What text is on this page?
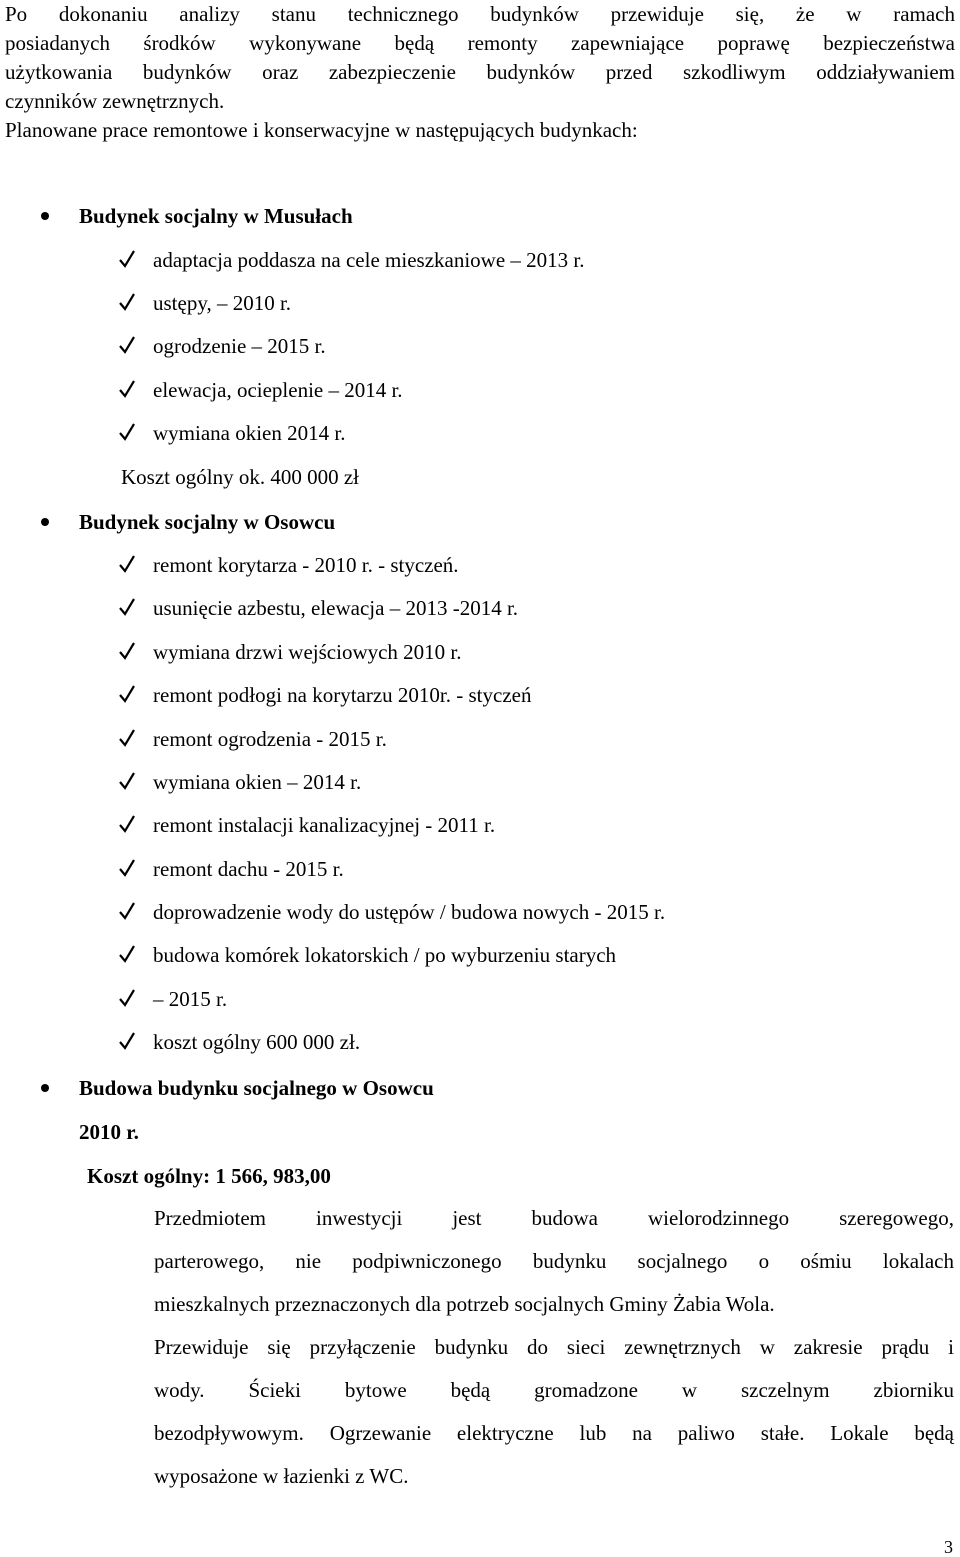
Po dokonaniu analizy stanu technicznego budynków przewiduje się, że w ramach
posiadanych środków wykonywane będą remonty zapewniające poprawę bezpieczeństwa
użytkowania budynków oraz zabezpieczenie budynków przed szkodliwym oddziaływaniem
czynników zewnętrznych.
Planowane prace remontowe i konserwacyjne w następujących budynkach:

Budynek socjalny w Musułach
adaptacja poddasza na cele mieszkaniowe – 2013 r.
ustępy, – 2010 r.
ogrodzenie – 2015 r.
elewacja, ocieplenie – 2014 r.
wymiana okien 2014 r.
Koszt ogólny ok. 400 000 zł
Budynek socjalny w Osowcu
remont korytarza - 2010 r. - styczeń.
usunięcie azbestu, elewacja – 2013 -2014 r.
wymiana drzwi wejściowych 2010 r.
remont podłogi na korytarzu 2010r. - styczeń
remont ogrodzenia - 2015 r.
wymiana okien – 2014 r.
remont instalacji kanalizacyjnej - 2011 r.
remont dachu - 2015 r.
doprowadzenie wody do ustępów / budowa nowych - 2015 r.
budowa komórek lokatorskich / po wyburzeniu starych
– 2015 r.
koszt ogólny 600 000 zł.
Budowa budynku socjalnego w Osowcu
2010 r.
Koszt ogólny: 1 566, 983,00

Przedmiotem inwestycji jest budowa wielorodzinnego szeregowego,
parterowego, nie podpiwniczonego budynku socjalnego o ośmiu lokalach
mieszkalnych przeznaczonych dla potrzeb socjalnych Gminy Żabia Wola.
Przewiduje się przyłączenie budynku do sieci zewnętrznych w zakresie prądu i
wody. Ścieki bytowe będą gromadzone w szczelnym zbiorniku
bezodpływowym. Ogrzewanie elektryczne lub na paliwo stałe. Lokale będą
wyposażone w łazienki z WC.

3
